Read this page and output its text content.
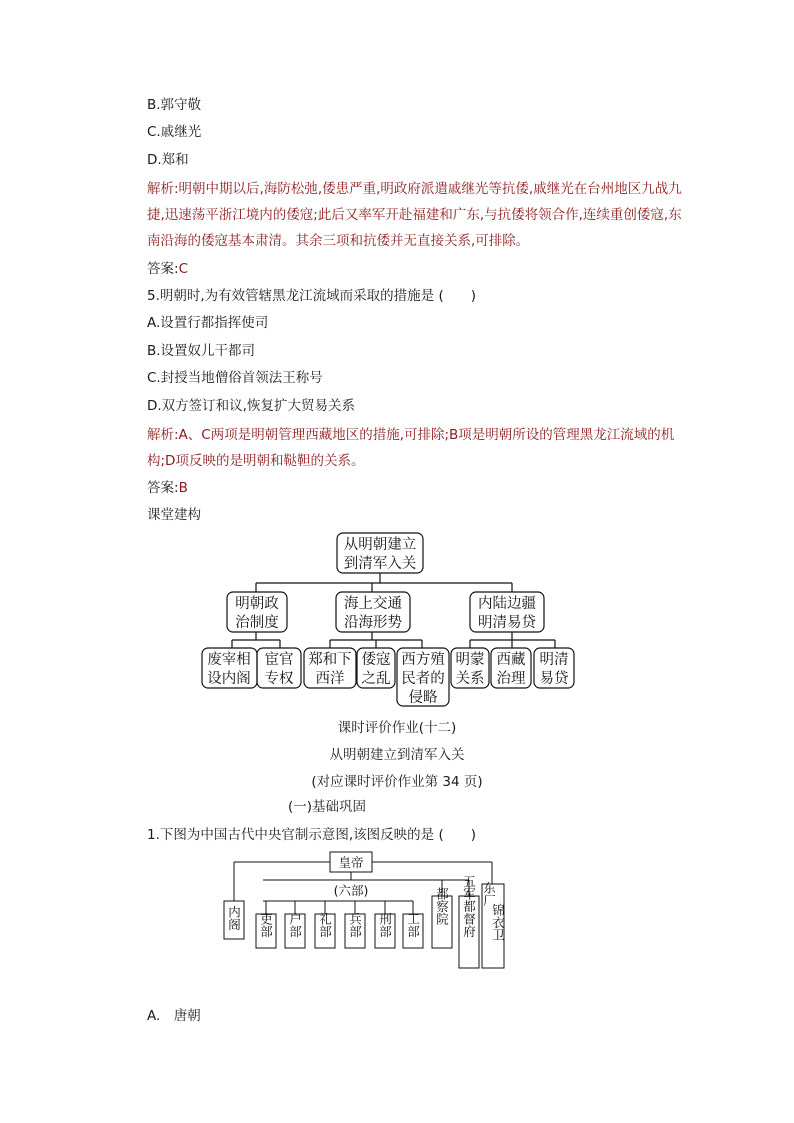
B.郭守敬
C.戚继光
D.郑和
解析:明朝中期以后,海防松弛,倭患严重,明政府派遣戚继光等抗倭,戚继光在台州地区九战九捷,迅速荡平浙江境内的倭寇;此后又率军开赴福建和广东,与抗倭将领合作,连续重创倭寇,东南沿海的倭寇基本肃清。其余三项和抗倭并无直接关系,可排除。
答案:C
5.明朝时,为有效管辖黑龙江流域而采取的措施是 (　　)
A.设置行都指挥使司
B.设置奴儿干都司
C.封授当地僧俗首领法王称号
D.双方签订和议,恢复扩大贸易关系
解析:A、C两项是明朝管理西藏地区的措施,可排除;B项是明朝所设的管理黑龙江流域的机构;D项反映的是明朝和鞑靼的关系。
答案:B
课堂建构
从明朝建立
到清军入关
明朝政
治制度
海上交通
沿海形势
内陆边疆
明清易贷
废宰相
设内阁
宦官
专权
郑和下
西洋
倭寇
之乱
西方殖
民者的
侵略
明蒙
关系
西藏
治理
明清
易贷
课时评价作业(十二)
从明朝建立到清军入关
(对应课时评价作业第 34 页)
(一)基础巩固
1.下图为中国古代中央官制示意图,该图反映的是 (　　)
皇帝
(六部)
内阁 吏部 户部 礼部 兵部 刑部 工部
都察院 五军都督府 东厂
锦衣卫
A.　唐朝
